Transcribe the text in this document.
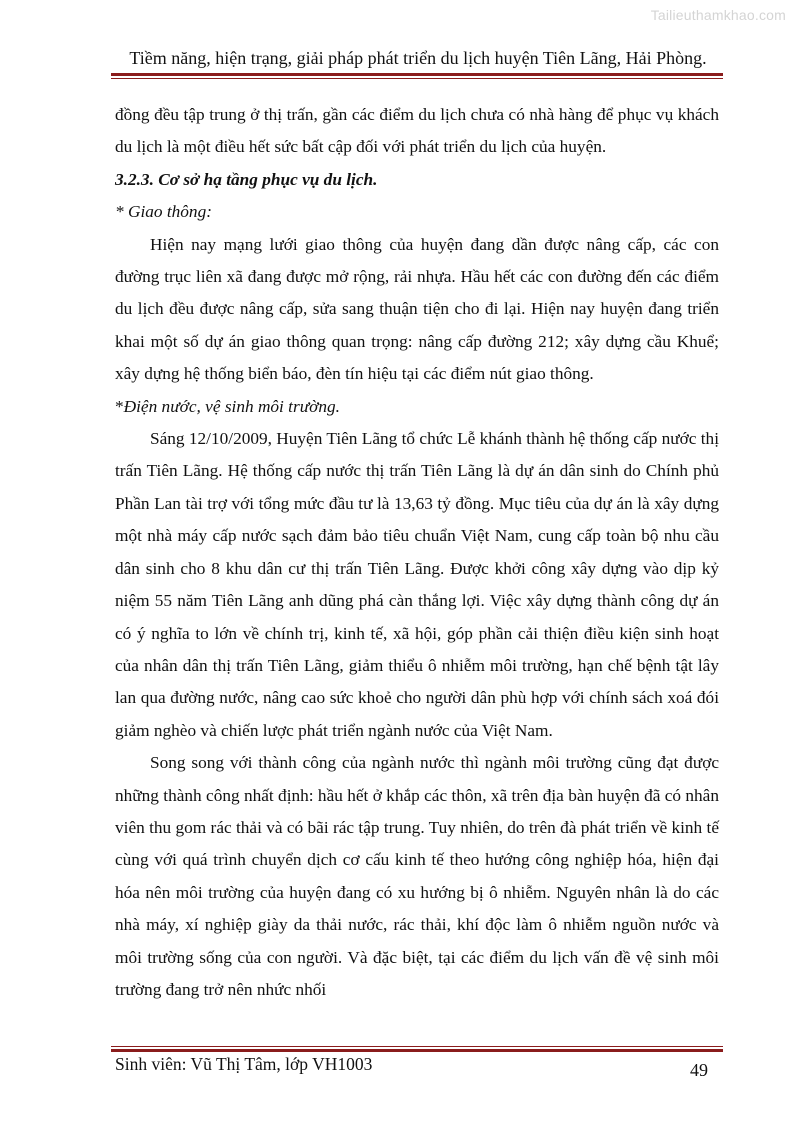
Tailieuthamkhao.com
Tiềm năng, hiện trạng, giải pháp phát triển du lịch huyện Tiên Lãng, Hải Phòng.

đồng đều tập trung ở thị trấn, gần các điểm du lịch chưa có nhà hàng để phục vụ khách du lịch là một điều hết sức bất cập đối với phát triển du lịch của huyện.

3.2.3. Cơ sở hạ tầng phục vụ du lịch.

* Giao thông:

Hiện nay mạng lưới giao thông của huyện đang dần được nâng cấp, các con đường trục liên xã đang được mở rộng, rải nhựa. Hầu hết các con đường đến các điểm du lịch đều được nâng cấp, sửa sang thuận tiện cho đi lại. Hiện nay huyện đang triển khai một số dự án giao thông quan trọng: nâng cấp đường 212; xây dựng cầu Khuể; xây dựng hệ thống biển báo, đèn tín hiệu tại các điểm nút giao thông.

*Điện nước, vệ sinh môi trường.

Sáng 12/10/2009, Huyện Tiên Lãng tổ chức Lễ khánh thành hệ thống cấp nước thị trấn Tiên Lãng. Hệ thống cấp nước thị trấn Tiên Lãng là dự án dân sinh do Chính phủ Phần Lan tài trợ với tổng mức đầu tư là 13,63 tỷ đồng. Mục tiêu của dự án là xây dựng một nhà máy cấp nước sạch đảm bảo tiêu chuẩn Việt Nam, cung cấp toàn bộ nhu cầu dân sinh cho 8 khu dân cư thị trấn Tiên Lãng. Được khởi công xây dựng vào dịp kỷ niệm 55 năm Tiên Lãng anh dũng phá càn thắng lợi. Việc xây dựng thành công dự án có ý nghĩa to lớn về chính trị, kinh tế, xã hội, góp phần cải thiện điều kiện sinh hoạt của nhân dân thị trấn Tiên Lãng, giảm thiểu ô nhiễm môi trường, hạn chế bệnh tật lây lan qua đường nước, nâng cao sức khoẻ cho người dân phù hợp với chính sách xoá đói giảm nghèo và chiến lược phát triển ngành nước của Việt Nam.

Song song với thành công của ngành nước thì ngành môi trường cũng đạt được những thành công nhất định: hầu hết ở khắp các thôn, xã trên địa bàn huyện đã có nhân viên thu gom rác thải và có bãi rác tập trung. Tuy nhiên, do trên đà phát triển về kinh tế cùng với quá trình chuyển dịch cơ cấu kinh tế theo hướng công nghiệp hóa, hiện đại hóa nên môi trường của huyện đang có xu hướng bị ô nhiễm. Nguyên nhân là do các nhà máy, xí nghiệp giày da thải nước, rác thải, khí độc làm ô nhiễm nguồn nước và môi trường sống của con người. Và đặc biệt, tại các điểm du lịch vấn đề vệ sinh môi trường đang trở nên nhức nhối

Sinh viên: Vũ Thị Tâm, lớp VH1003	49
